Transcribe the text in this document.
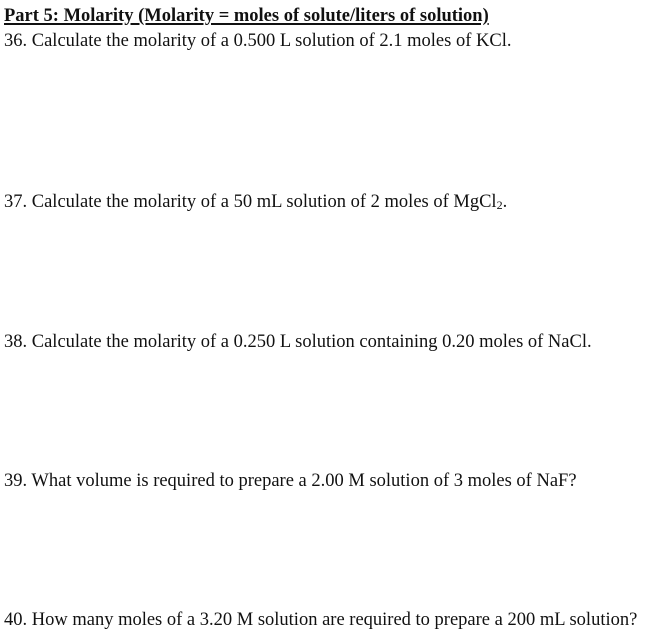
Part 5: Molarity (Molarity = moles of solute/liters of solution)
36. Calculate the molarity of a 0.500 L solution of 2.1 moles of KCl.
37. Calculate the molarity of a 50 mL solution of 2 moles of MgCl$_2$.
38. Calculate the molarity of a 0.250 L solution containing 0.20 moles of NaCl.
39. What volume is required to prepare a 2.00 M solution of 3 moles of NaF?
40. How many moles of a 3.20 M solution are required to prepare a 200 mL solution?
